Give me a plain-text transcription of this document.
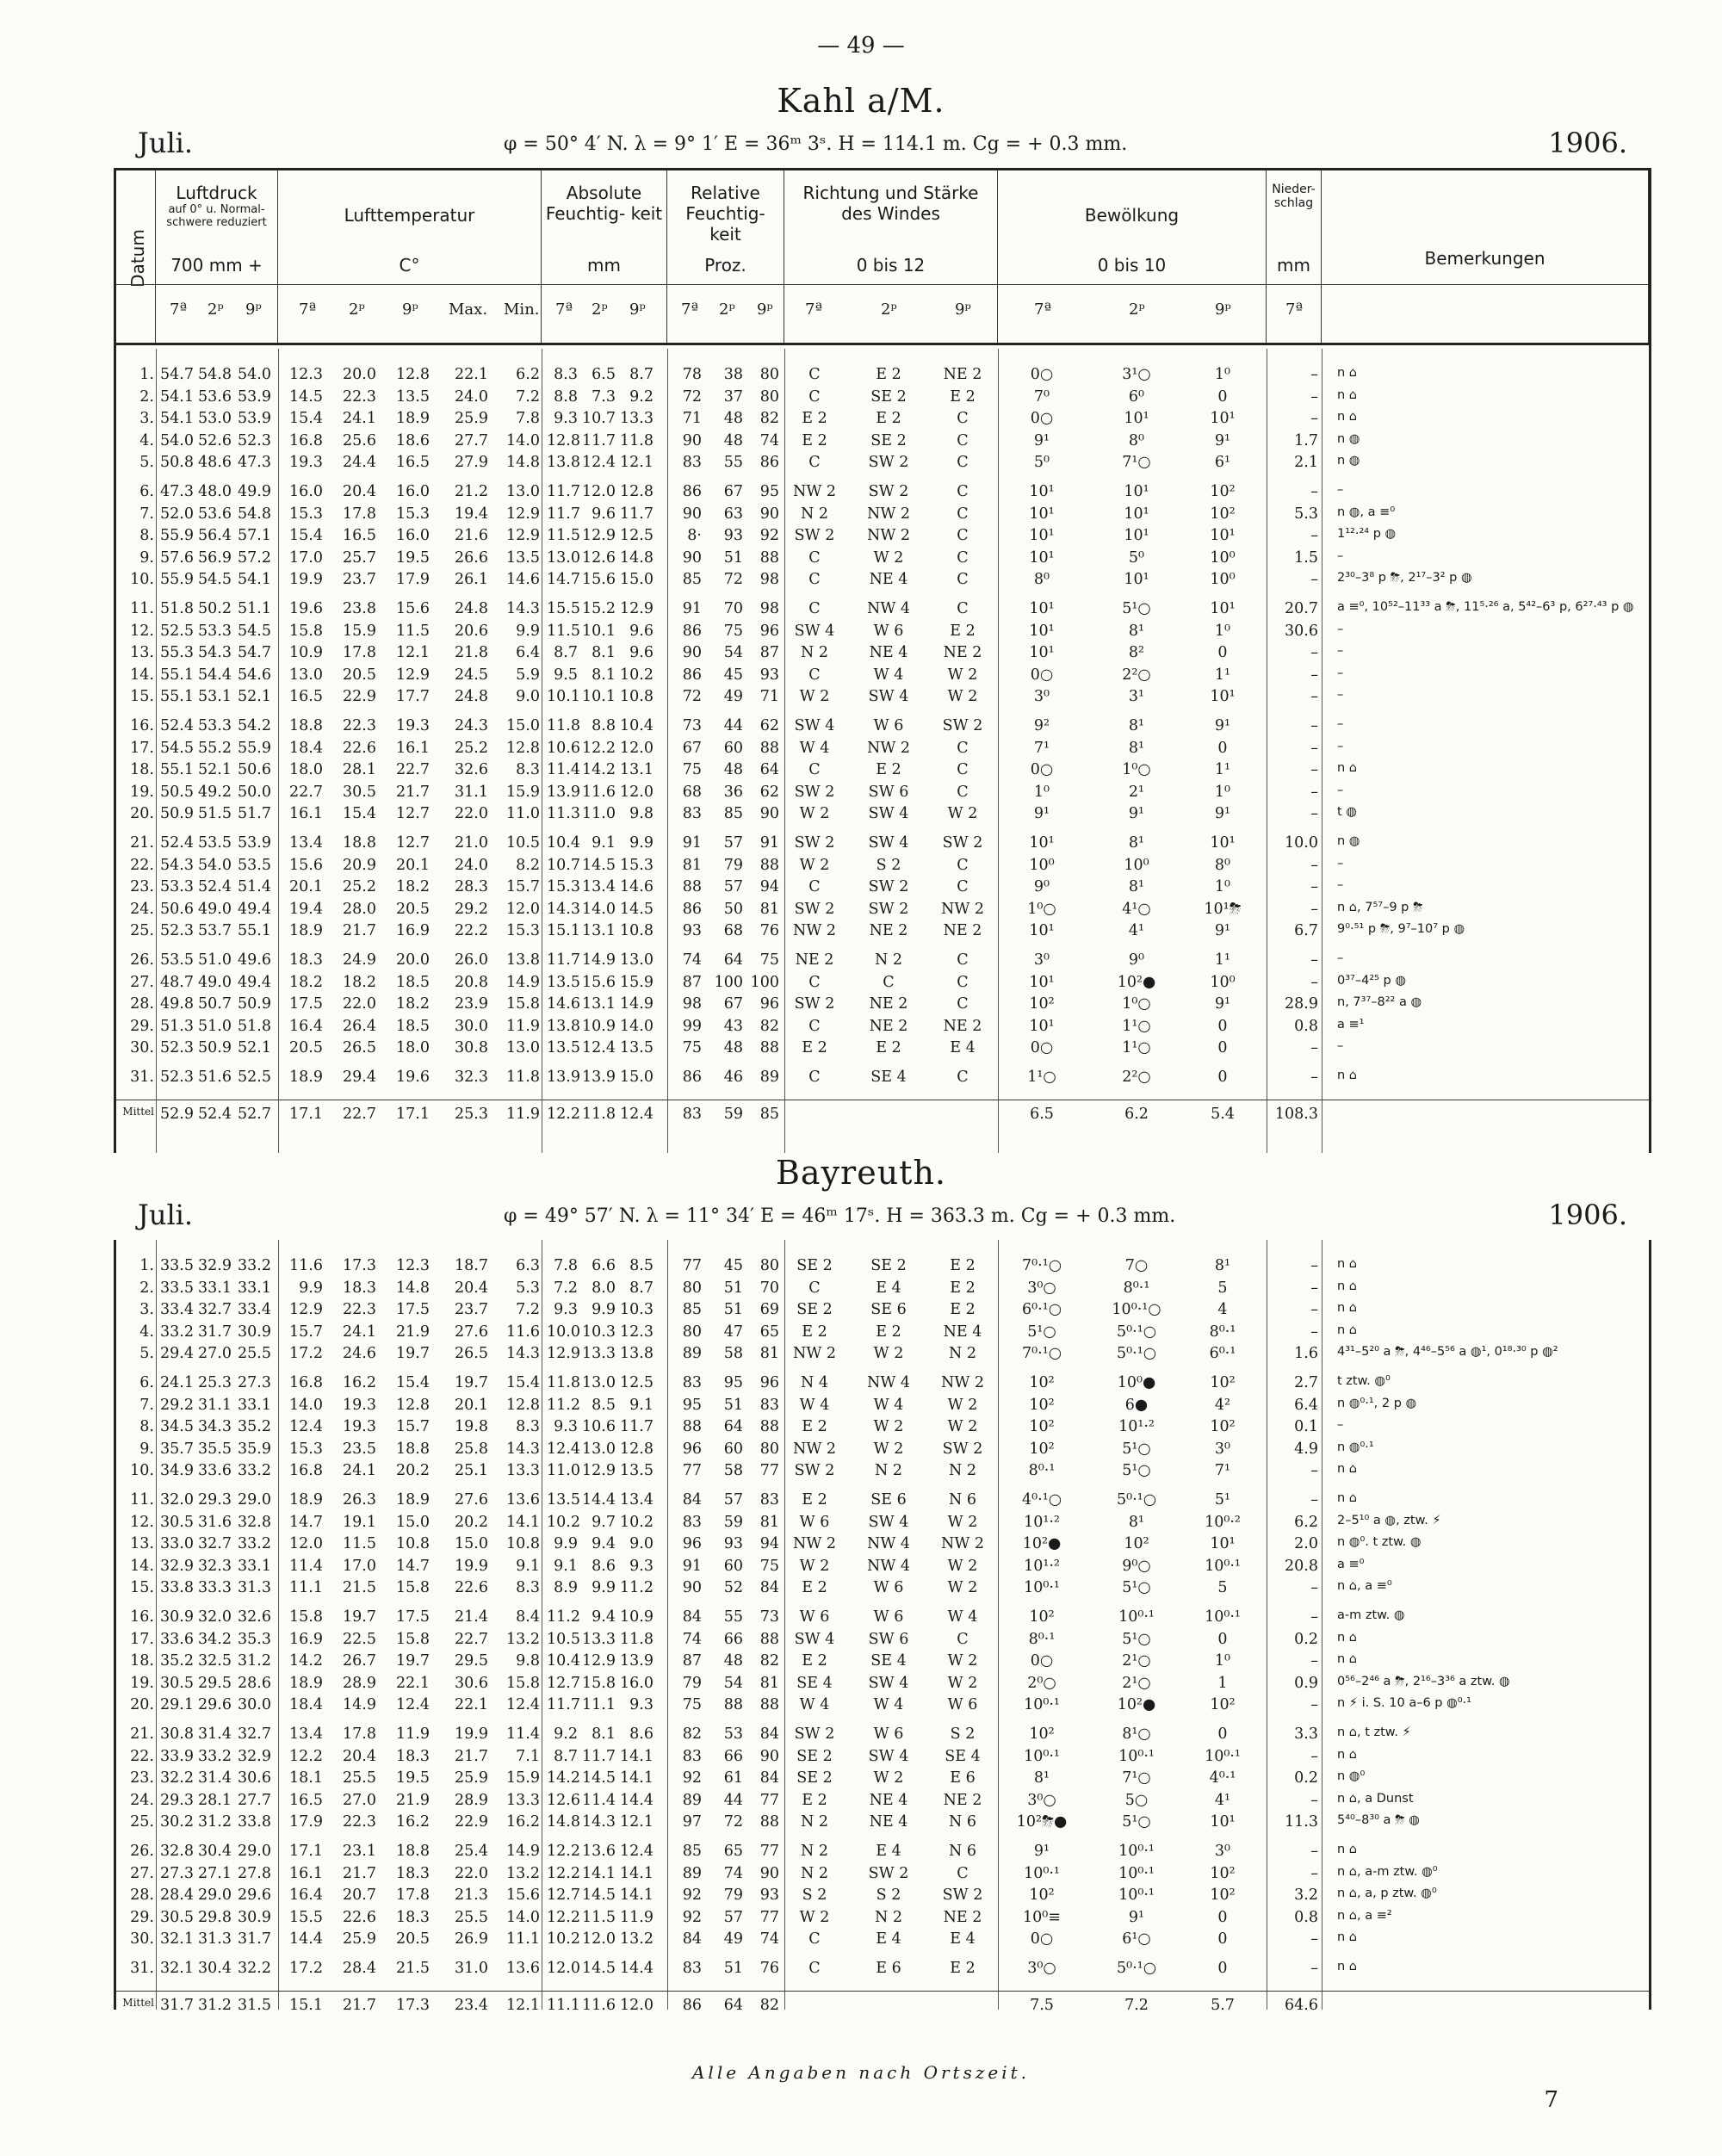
— 49 —
Kahl a/M.
Juli.	φ = 50° 4′ N. λ = 9° 1′ E = 36ᵐ 3ˢ. H = 114.1 m. Cg = + 0.3 mm.	1906.
Datum
Luftdruck
auf 0° u. Normal- schwere reduziert
700 mm +
Lufttemperatur
C°
Absolute Feuchtig- keit
mm
Relative Feuchtig- keit
Proz.
Richtung und Stärke des Windes
0 bis 12
Bewölkung
0 bis 10
Nieder- schlag
mm	Bemerkungen
7ª 2ᵖ 9ᵖ 7ª 2ᵖ 9ᵖ Max. Min. 7ª 2ᵖ 9ᵖ 7ª 2ᵖ 9ᵖ 7ª	2ᵖ	9ᵖ	7ª	2ᵖ	9ᵖ	7ª
1. 54.7 54.8 54.0 12.3	20.0	12.8	22.1	6.2 8.3 6.5 8.7	78	38	80	C	E 2	NE 2	0○	3¹○	1⁰	– n ⌂
2. 54.1 53.6 53.9 14.5	22.3	13.5	24.0	7.2 8.8 7.3 9.2	72	37	80	C	SE 2	E 2	7⁰	6⁰	0	– n ⌂
3. 54.1 53.0 53.9 15.4	24.1	18.9	25.9	7.8 9.3 10.7 13.3	71	48	82	E 2	E 2	C	0○	10¹	10¹	– n ⌂
4. 54.0 52.6 52.3 16.8	25.6	18.6	27.7	14.0 12.8 11.7 11.8	90	48	74	E 2	SE 2	C	9¹	8⁰	9¹	1.7 n ◍
5. 50.8 48.6 47.3 19.3	24.4	16.5	27.9	14.8 13.8 12.4 12.1	83	55	86	C	SW 2	C	5⁰	7¹○	6¹	2.1 n ◍
6. 47.3 48.0 49.9 16.0	20.4	16.0	21.2	13.0 11.7 12.0 12.8	86	67	95 NW 2	SW 2	C	10¹	10¹	10²	– –
7. 52.0 53.6 54.8 15.3	17.8	15.3	19.4	12.9 11.7 9.6 11.7	90	63	90	N 2	NW 2	C	10¹	10¹	10²	5.3 n ◍, a ≡⁰
8. 55.9 56.4 57.1 15.4	16.5	16.0	21.6	12.9 11.5 12.9 12.5	8·	93	92 SW 2	NW 2	C	10¹	10¹	10¹	– 1¹²·²⁴ p ◍
9. 57.6 56.9 57.2 17.0	25.7	19.5	26.6	13.5 13.0 12.6 14.8	90	51	88	C	W 2	C	10¹	5⁰	10⁰	1.5 –
10. 55.9 54.5 54.1 19.9	23.7	17.9	26.1	14.6 14.7 15.6 15.0	85	72	98	C	NE 4	C	8⁰	10¹	10⁰	– 2³⁰–3⁸ p ⛈, 2¹⁷–3² p ◍
11. 51.8 50.2 51.1 19.6	23.8	15.6	24.8	14.3 15.5 15.2 12.9	91	70	98	C	NW 4	C	10¹	5¹○	10¹	20.7 a ≡⁰, 10⁵²–11³³ a ⛈, 11⁵·²⁶ a, 5⁴²–6³ p, 6²⁷·⁴³ p ◍
12. 52.5 53.3 54.5 15.8	15.9	11.5	20.6	9.9 11.5 10.1 9.6	86	75	96 SW 4	W 6	E 2	10¹	8¹	1⁰	30.6 –
13. 55.3 54.3 54.7 10.9	17.8	12.1	21.8	6.4 8.7 8.1 9.6	90	54	87	N 2	NE 4	NE 2	10¹	8²	0	– –
14. 55.1 54.4 54.6 13.0	20.5	12.9	24.5	5.9 9.5 8.1 10.2	86	45	93	C	W 4	W 2	0○	2²○	1¹	– –
15. 55.1 53.1 52.1 16.5	22.9	17.7	24.8	9.0 10.1 10.1 10.8	72	49	71	W 2	SW 4	W 2	3⁰	3¹	10¹	– –
16. 52.4 53.3 54.2 18.8	22.3	19.3	24.3	15.0 11.8 8.8 10.4	73	44	62 SW 4	W 6	SW 2	9²	8¹	9¹	– –
17. 54.5 55.2 55.9 18.4	22.6	16.1	25.2	12.8 10.6 12.2 12.0	67	60	88	W 4	NW 2	C	7¹	8¹	0	– –
18. 55.1 52.1 50.6 18.0	28.1	22.7	32.6	8.3 11.4 14.2 13.1	75	48	64	C	E 2	C	0○	1⁰○	1¹	– n ⌂
19. 50.5 49.2 50.0 22.7	30.5	21.7	31.1	15.9 13.9 11.6 12.0	68	36	62 SW 2	SW 6	C	1⁰	2¹	1⁰	– –
20. 50.9 51.5 51.7 16.1	15.4	12.7	22.0	11.0 11.3 11.0 9.8	83	85	90	W 2	SW 4	W 2	9¹	9¹	9¹	– t ◍
21. 52.4 53.5 53.9 13.4	18.8	12.7	21.0	10.5 10.4 9.1 9.9	91	57	91 SW 2	SW 4	SW 2	10¹	8¹	10¹	10.0 n ◍
22. 54.3 54.0 53.5 15.6	20.9	20.1	24.0	8.2 10.7 14.5 15.3	81	79	88	W 2	S 2	C	10⁰	10⁰	8⁰	– –
23. 53.3 52.4 51.4 20.1	25.2	18.2	28.3	15.7 15.3 13.4 14.6	88	57	94	C	SW 2	C	9⁰	8¹	1⁰	– –
24. 50.6 49.0 49.4 19.4	28.0	20.5	29.2	12.0 14.3 14.0 14.5	86	50	81 SW 2	SW 2	NW 2	1⁰○	4¹○	10¹⛈	– n ⌂, 7⁵⁷–9 p ⛈
25. 52.3 53.7 55.1 18.9	21.7	16.9	22.2	15.3 15.1 13.1 10.8	93	68	76 NW 2	NE 2	NE 2	10¹	4¹	9¹	6.7 9⁰·⁵¹ p ⛈, 9⁷–10⁷ p ◍
26. 53.5 51.0 49.6 18.3	24.9	20.0	26.0	13.8 11.7 14.9 13.0	74	64	75 NE 2	N 2	C	3⁰	9⁰	1¹	– –
27. 48.7 49.0 49.4 18.2	18.2	18.5	20.8	14.9 13.5 15.6 15.9	87 100 100	C	C	C	10¹	10²●	10⁰	– 0³⁷–4²⁵ p ◍
28. 49.8 50.7 50.9 17.5	22.0	18.2	23.9	15.8 14.6 13.1 14.9	98	67	96 SW 2	NE 2	C	10²	1⁰○	9¹	28.9 n, 7³⁷–8²² a ◍
29. 51.3 51.0 51.8 16.4	26.4	18.5	30.0	11.9 13.8 10.9 14.0	99	43	82	C	NE 2	NE 2	10¹	1¹○	0	0.8 a ≡¹
30. 52.3 50.9 52.1 20.5	26.5	18.0	30.8	13.0 13.5 12.4 13.5	75	48	88	E 2	E 2	E 4	0○	1¹○	0	– –
31. 52.3 51.6 52.5 18.9	29.4	19.6	32.3	11.8 13.9 13.9 15.0	86	46	89	C	SE 4	C	1¹○	2²○	0	– n ⌂
Mittel 52.9 52.4 52.7 17.1	22.7	17.1	25.3	11.9 12.2 11.8 12.4	83	59	85	6.5	6.2	5.4	108.3
Bayreuth.
Juli.	φ = 49° 57′ N. λ = 11° 34′ E = 46ᵐ 17ˢ. H = 363.3 m. Cg = + 0.3 mm.	1906.
1. 33.5 32.9 33.2 11.6	17.3	12.3	18.7	6.3 7.8 6.6 8.5	77	45	80 SE 2	SE 2	E 2	7⁰·¹○	7○	8¹	– n ⌂
2. 33.5 33.1 33.1	9.9	18.3	14.8	20.4	5.3 7.2 8.0 8.7	80	51	70	C	E 4	E 2	3⁰○	8⁰·¹	5	– n ⌂
3. 33.4 32.7 33.4 12.9	22.3	17.5	23.7	7.2 9.3 9.9 10.3	85	51	69 SE 2	SE 6	E 2	6⁰·¹○	10⁰·¹○	4	– n ⌂
4. 33.2 31.7 30.9 15.7	24.1	21.9	27.6	11.6 10.0 10.3 12.3	80	47	65	E 2	E 2	NE 4	5¹○	5⁰·¹○	8⁰·¹	– n ⌂
5. 29.4 27.0 25.5 17.2	24.6	19.7	26.5	14.3 12.9 13.3 13.8	89	58	81 NW 2	W 2	N 2	7⁰·¹○	5⁰·¹○	6⁰·¹	1.6 4³¹–5²⁰ a ⛈, 4⁴⁶–5⁵⁶ a ◍¹, 0¹⁸·³⁰ p ◍²
6. 24.1 25.3 27.3 16.8	16.2	15.4	19.7	15.4 11.8 13.0 12.5	83	95	96	N 4	NW 4	NW 2	10²	10⁰●	10²	2.7 t ztw. ◍⁰
7. 29.2 31.1 33.1 14.0	19.3	12.8	20.1	12.8 11.2 8.5 9.1	95	51	83	W 4	W 4	W 2	10²	6●	4²	6.4 n ◍⁰·¹, 2 p ◍
8. 34.5 34.3 35.2 12.4	19.3	15.7	19.8	8.3 9.3 10.6 11.7	88	64	88	E 2	W 2	W 2	10²	10¹·²	10²	0.1 –
9. 35.7 35.5 35.9 15.3	23.5	18.8	25.8	14.3 12.4 13.0 12.8	96	60	80 NW 2	W 2	SW 2	10²	5¹○	3⁰	4.9 n ◍⁰·¹
10. 34.9 33.6 33.2 16.8	24.1	20.2	25.1	13.3 11.0 12.9 13.5	77	58	77 SW 2	N 2	N 2	8⁰·¹	5¹○	7¹	– n ⌂
11. 32.0 29.3 29.0 18.9	26.3	18.9	27.6	13.6 13.5 14.4 13.4	84	57	83	E 2	SE 6	N 6	4⁰·¹○	5⁰·¹○	5¹	– n ⌂
12. 30.5 31.6 32.8 14.7	19.1	15.0	20.2	14.1 10.2 9.7 10.2	83	59	81	W 6	SW 4	W 2	10¹·²	8¹	10⁰·²	6.2 2–5¹⁰ a ◍, ztw. ⚡
13. 33.0 32.7 33.2 12.0	11.5	10.8	15.0	10.8 9.9 9.4 9.0	96	93	94 NW 2	NW 4	NW 2	10²●	10²	10¹	2.0 n ◍⁰. t ztw. ◍
14. 32.9 32.3 33.1 11.4	17.0	14.7	19.9	9.1 9.1 8.6 9.3	91	60	75	W 2	NW 4	W 2	10¹·²	9⁰○	10⁰·¹	20.8 a ≡⁰
15. 33.8 33.3 31.3 11.1	21.5	15.8	22.6	8.3 8.9 9.9 11.2	90	52	84	E 2	W 6	W 2	10⁰·¹	5¹○	5	– n ⌂, a ≡⁰
16. 30.9 32.0 32.6 15.8	19.7	17.5	21.4	8.4 11.2 9.4 10.9	84	55	73	W 6	W 6	W 4	10²	10⁰·¹	10⁰·¹	– a-m ztw. ◍
17. 33.6 34.2 35.3 16.9	22.5	15.8	22.7	13.2 10.5 13.3 11.8	74	66	88 SW 4	SW 6	C	8⁰·¹	5¹○	0	0.2 n ⌂
18. 35.2 32.5 31.2 14.2	26.7	19.7	29.5	9.8 10.4 12.9 13.9	87	48	82	E 2	SE 4	W 2	0○	2¹○	1⁰	– n ⌂
19. 30.5 29.5 28.6 18.9	28.9	22.1	30.6	15.8 12.7 15.8 16.0	79	54	81 SE 4	SW 4	W 2	2⁰○	2¹○	1	0.9 0⁵⁶–2⁴⁶ a ⛈, 2¹⁶–3³⁶ a ztw. ◍
20. 29.1 29.6 30.0 18.4	14.9	12.4	22.1	12.4 11.7 11.1 9.3	75	88	88	W 4	W 4	W 6	10⁰·¹	10²●	10²	– n ⚡ i. S. 10 a–6 p ◍⁰·¹
21. 30.8 31.4 32.7 13.4	17.8	11.9	19.9	11.4 9.2 8.1 8.6	82	53	84 SW 2	W 6	S 2	10²	8¹○	0	3.3 n ⌂, t ztw. ⚡
22. 33.9 33.2 32.9 12.2	20.4	18.3	21.7	7.1 8.7 11.7 14.1	83	66	90 SE 2	SW 4	SE 4	10⁰·¹	10⁰·¹	10⁰·¹	– n ⌂
23. 32.2 31.4 30.6 18.1	25.5	19.5	25.9	15.9 14.2 14.5 14.1	92	61	84 SE 2	W 2	E 6	8¹	7¹○	4⁰·¹	0.2 n ◍⁰
24. 29.3 28.1 27.7 16.5	27.0	21.9	28.9	13.3 12.6 11.4 14.4	89	44	77	E 2	NE 4	NE 2	3⁰○	5○	4¹	– n ⌂, a Dunst
25. 30.2 31.2 33.8 17.9	22.3	16.2	22.9	16.2 14.8 14.3 12.1	97	72	88	N 2	NE 4	N 6	10²⛈●	5¹○	10¹	11.3 5⁴⁰–8³⁰ a ⛈ ◍
26. 32.8 30.4 29.0 17.1	23.1	18.8	25.4	14.9 12.2 13.6 12.4	85	65	77	N 2	E 4	N 6	9¹	10⁰·¹	3⁰	– n ⌂
27. 27.3 27.1 27.8 16.1	21.7	18.3	22.0	13.2 12.2 14.1 14.1	89	74	90	N 2	SW 2	C	10⁰·¹	10⁰·¹	10²	– n ⌂, a-m ztw. ◍⁰
28. 28.4 29.0 29.6 16.4	20.7	17.8	21.3	15.6 12.7 14.5 14.1	92	79	93	S 2	S 2	SW 2	10²	10⁰·¹	10²	3.2 n ⌂, a, p ztw. ◍⁰
29. 30.5 29.8 30.9 15.5	22.6	18.3	25.5	14.0 12.2 11.5 11.9	92	57	77	W 2	N 2	NE 2	10⁰≡	9¹	0	0.8 n ⌂, a ≡²
30. 32.1 31.3 31.7 14.4	25.9	20.5	26.9	11.1 10.2 12.0 13.2	84	49	74	C	E 4	E 4	0○	6¹○	0	– n ⌂
31. 32.1 30.4 32.2 17.2	28.4	21.5	31.0	13.6 12.0 14.5 14.4	83	51	76	C	E 6	E 2	3⁰○	5⁰·¹○	0	– n ⌂
Mittel 31.7 31.2 31.5 15.1	21.7	17.3	23.4	12.1 11.1 11.6 12.0	86	64	82	7.5	7.2	5.7	64.6
Alle Angaben nach Ortszeit.
7
